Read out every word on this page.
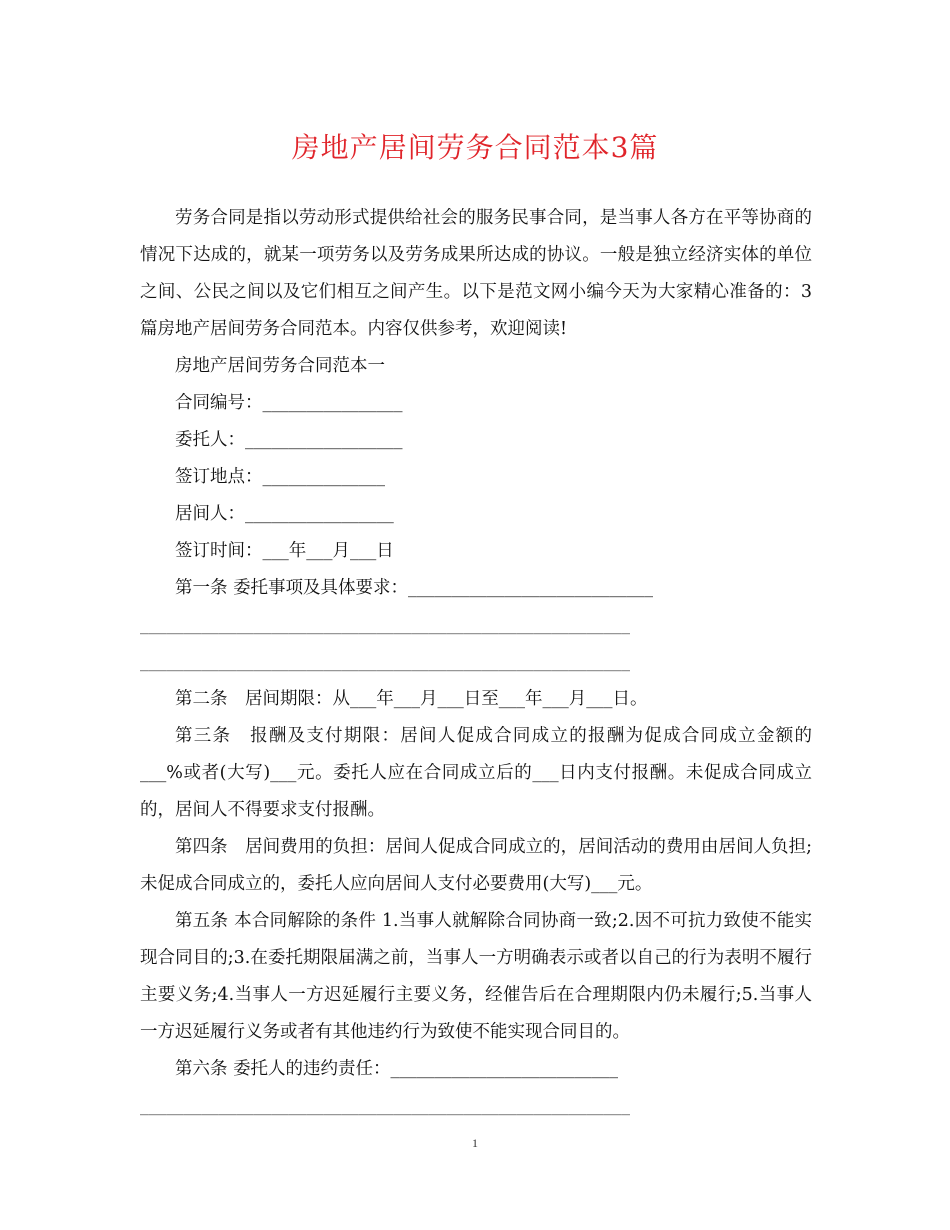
房地产居间劳务合同范本3篇

劳务合同是指以劳动形式提供给社会的服务民事合同，是当事人各方在平等协商的情况下达成的，就某一项劳务以及劳务成果所达成的协议。一般是独立经济实体的单位之间、公民之间以及它们相互之间产生。以下是范文网小编今天为大家精心准备的：3篇房地产居间劳务合同范本。内容仅供参考，欢迎阅读!

房地产居间劳务合同范本一

合同编号：________________

委托人：__________________

签订地点：______________

居间人：_________________

签订时间：___年___月___日

第一条 委托事项及具体要求：____________________________

________________________________________________________

________________________________________________________

第二条　居间期限：从___年___月___日至___年___月___日。

第三条　报酬及支付期限：居间人促成合同成立的报酬为促成合同成立金额的___%或者(大写)___元。委托人应在合同成立后的___日内支付报酬。未促成合同成立的，居间人不得要求支付报酬。

第四条　居间费用的负担：居间人促成合同成立的，居间活动的费用由居间人负担;未促成合同成立的，委托人应向居间人支付必要费用(大写)___元。

第五条 本合同解除的条件 1.当事人就解除合同协商一致;2.因不可抗力致使不能实现合同目的;3.在委托期限届满之前，当事人一方明确表示或者以自己的行为表明不履行主要义务;4.当事人一方迟延履行主要义务，经催告后在合理期限内仍未履行;5.当事人一方迟延履行义务或者有其他违约行为致使不能实现合同目的。

第六条 委托人的违约责任：__________________________

________________________________________________________

1
